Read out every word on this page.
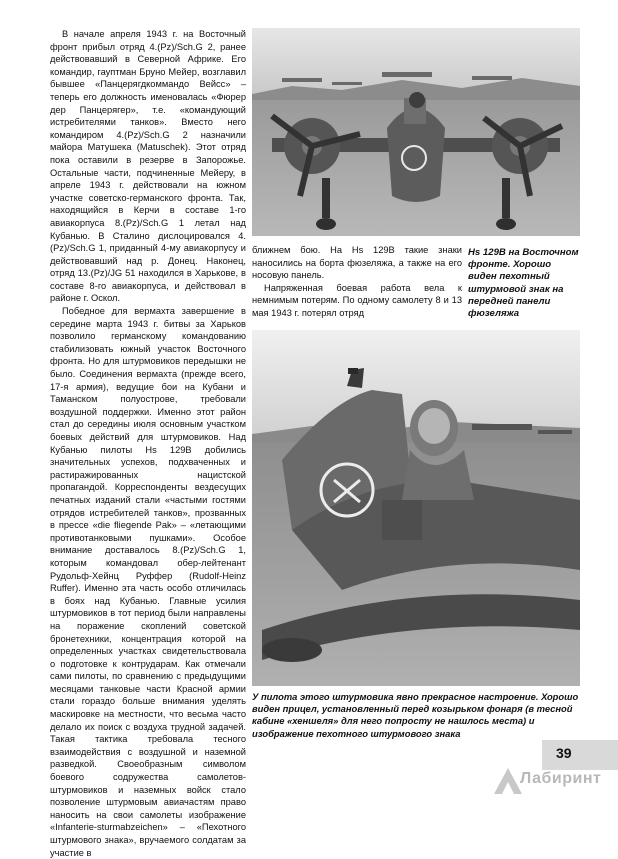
В начале апреля 1943 г. на Восточный фронт прибыл отряд 4.(Pz)/Sch.G 2, ранее действовавший в Северной Африке. Его командир, гауптман Бруно Мейер, возглавил бывшее «Панцерягдкоммандо Вейсс» – теперь его должность именовалась «Фюрер дер Панцерягер», т.е. «командующий истребителями танков». Вместо него командиром 4.(Pz)/Sch.G 2 назначили майора Матушека (Matuschek). Этот отряд пока оставили в резерве в Запорожье. Остальные части, подчиненные Мейеру, в апреле 1943 г. действовали на южном участке советско-германского фронта. Так, находящийся в Керчи в составе 1-го авиакорпуса 8.(Pz)/Sch.G 1 летал над Кубанью. В Сталино дислоцировался 4.(Pz)/Sch.G 1, приданный 4-му авиакорпусу и действовавший над р. Донец. Наконец, отряд 13.(Pz)/JG 51 находился в Харькове, в составе 8-го авиакорпуса, и действовал в районе г. Оскол.

Победное для вермахта завершение в середине марта 1943 г. битвы за Харьков позволило германскому командованию стабилизовать южный участок Восточного фронта. Но для штурмовиков передышки не было. Соединения вермахта (прежде всего, 17-я армия), ведущие бои на Кубани и Таманском полуострове, требовали воздушной поддержки. Именно этот район стал до середины июля основным участком боевых действий для штурмовиков. Над Кубанью пилоты Hs 129B добились значительных успехов, подхваченных и растиражированных нацистской пропагандой. Корреспонденты вездесущих печатных изданий стали «частыми гостями отрядов истребителей танков», прозванных в прессе «die fliegende Pak» – «летающими противотанковыми пушками». Особое внимание доставалось 8.(Pz)/Sch.G 1, которым командовал обер-лейтенант Рудольф-Хейнц Руффер (Rudolf-Heinz Ruffer). Именно эта часть особо отличилась в боях над Кубанью. Главные усилия штурмовиков в тот период были направлены на поражение скоплений советской бронетехники, концентрация которой на определенных участках свидетельствовала о подготовке к контрударам. Как отмечали сами пилоты, по сравнению с предыдущими месяцами танковые части Красной армии стали гораздо больше внимания уделять маскировке на местности, что весьма часто делало их поиск с воздуха трудной задачей. Такая тактика требовала тесного взаимодействия с воздушной и наземной разведкой. Своеобразным символом боевого содружества самолетов-штурмовиков и наземных войск стало позволение штурмовым авиачастям право наносить на свои самолеты изображение «Infanterie-sturmabzeichen» – «Пехотного штурмового знака», вручаемого солдатам за участие в

ближнем бою. На Hs 129B такие знаки наносились на борта фюзеляжа, а также на его носовую панель.

Напряженная боевая работа вела к немнимым потерям. По одному самолету 8 и 13 мая 1943 г. потерял отряд

Hs 129B на Восточном фронте. Хорошо виден пехотный штурмовой знак на передней панели фюзеляжа
У пилота этого штурмовика явно прекрасное настроение. Хорошо виден прицел, установленный перед козырьком фонаря (в тесной кабине «хеншеля» для него попросту не нашлось места) и изображение пехотного штурмового знака
39
Лабиринт
